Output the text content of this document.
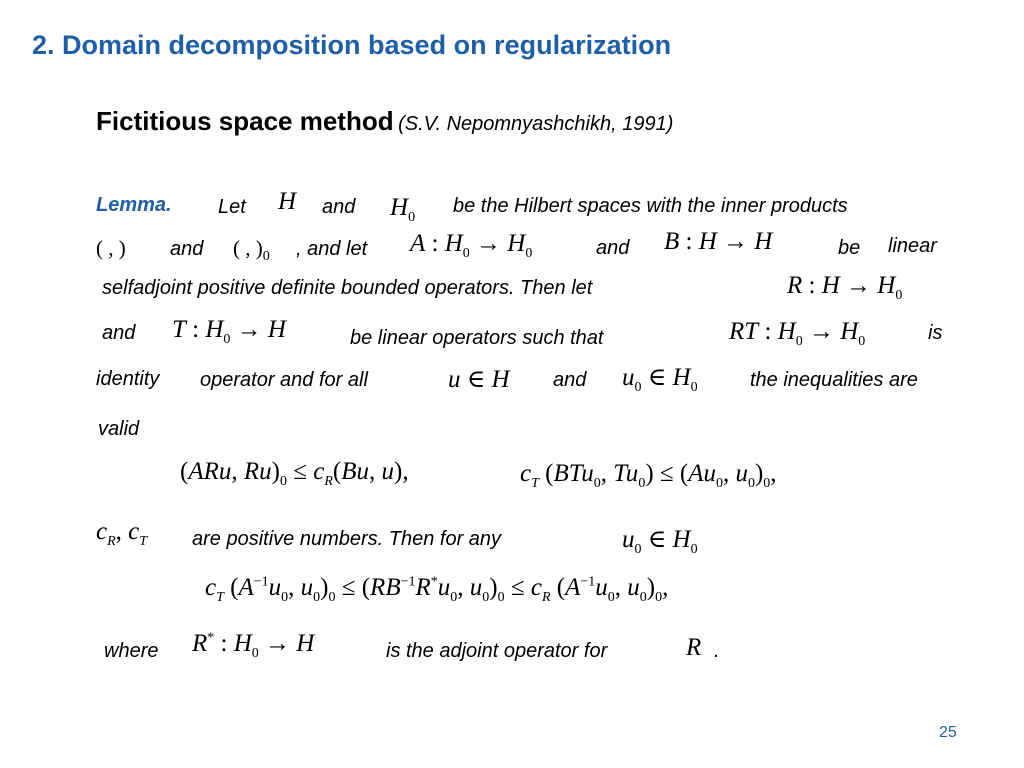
2. Domain decomposition based on regularization
Fictitious space method (S.V. Nepomnyashchikh, 1991)
Lemma. Let H and $H_0$
be the Hilbert spaces with the inner products
( , ) and ( , )$_0$ , and let A : $H_0 \to H_0$	and B : H → H	be linear
selfadjoint positive definite bounded operators. Then let	R : $H \to H_0$
and T : $H_0 \to H$	be linear operators such that	RT : $H_0 \to H_0$	is
identity operator and for all	u ∈ H and $u_0$ ∈ $H_0$	the inequalities are
valid
(ARu, $Ru)_0 \le c_R(Bu$, u),	$c_T$ (BTu$_0$, $Tu_0) \le (Au_0$, $u_0)_0$,
$c_R$, $c_T$ are positive numbers. Then for any	$u_0$ ∈ $H_0$
$c_T$ ($A^{-1}u_0$, $u_0)_0 \le (RB^{-1}R^*u_0$, $u_0)_0 \le c_R$ ($A^{-1}u_0$, $u_0)_0$,
where R* : $H_0 \to H$	is the adjoint operator for	R .
25
